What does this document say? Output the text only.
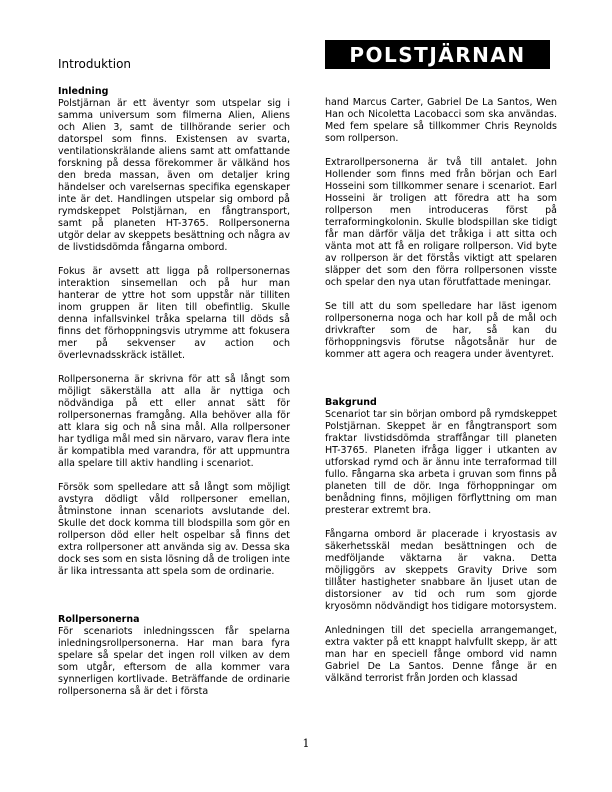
Introduktion	POLSTJÄRNAN
Inledning

Polstjärnan är ett äventyr som utspelar sig i samma universum som filmerna Alien, Aliens och Alien 3, samt de tillhörande serier och datorspel som finns. Existensen av svarta, ventilationskrälande aliens samt att omfattande forskning på dessa förekommer är välkänd hos den breda massan, även om detaljer kring händelser och varelsernas specifika egenskaper inte är det. Handlingen utspelar sig ombord på rymdskeppet Polstjärnan, en fångtransport, samt på planeten HT-3765. Rollpersonerna utgör delar av skeppets besättning och några av de livstidsdömda fångarna ombord.

Fokus är avsett att ligga på rollpersonernas interaktion sinsemellan och på hur man hanterar de yttre hot som uppstår när tilliten inom gruppen är liten till obefintlig. Skulle denna infallsvinkel tråka spelarna till döds så finns det förhoppningsvis utrymme att fokusera mer på sekvenser av action och överlevnadsskräck istället.

Rollpersonerna är skrivna för att så långt som möjligt säkerställa att alla är nyttiga och nödvändiga på ett eller annat sätt för rollpersonernas framgång. Alla behöver alla för att klara sig och nå sina mål. Alla rollpersoner har tydliga mål med sin närvaro, varav flera inte är kompatibla med varandra, för att uppmuntra alla spelare till aktiv handling i scenariot.

Försök som spelledare att så långt som möjligt avstyra dödligt våld rollpersoner emellan, åtminstone innan scenariots avslutande del. Skulle det dock komma till blodspilla som gör en rollperson död eller helt ospelbar så finns det extra rollpersoner att använda sig av. Dessa ska dock ses som en sista lösning då de troligen inte är lika intressanta att spela som de ordinarie.

Rollpersonerna

För scenariots inledningsscen får spelarna inledningsrollpersonerna. Har man bara fyra spelare så spelar det ingen roll vilken av dem som utgår, eftersom de alla kommer vara synnerligen kortlivade. Beträffande de ordinarie rollpersonerna så är det i första

hand Marcus Carter, Gabriel De La Santos, Wen Han och Nicoletta Lacobacci som ska användas. Med fem spelare så tillkommer Chris Reynolds som rollperson.

Extrarollpersonerna är två till antalet. John Hollender som finns med från början och Earl Hosseini som tillkommer senare i scenariot. Earl Hosseini är troligen att föredra att ha som rollperson men introduceras först på terraformingkolonin. Skulle blodspillan ske tidigt får man därför välja det tråkiga i att sitta och vänta mot att få en roligare rollperson. Vid byte av rollperson är det förstås viktigt att spelaren släpper det som den förra rollpersonen visste och spelar den nya utan förutfattade meningar.

Se till att du som spelledare har läst igenom rollpersonerna noga och har koll på de mål och drivkrafter som de har, så kan du förhoppningsvis förutse någotsånär hur de kommer att agera och reagera under äventyret.

Bakgrund

Scenariot tar sin början ombord på rymdskeppet Polstjärnan. Skeppet är en fångtransport som fraktar livstidsdömda straffångar till planeten HT-3765. Planeten ifråga ligger i utkanten av utforskad rymd och är ännu inte terraformad till fullo. Fångarna ska arbeta i gruvan som finns på planeten till de dör. Inga förhoppningar om benådning finns, möjligen förflyttning om man presterar extremt bra.

Fångarna ombord är placerade i kryostasis av säkerhetsskäl medan besättningen och de medföljande väktarna är vakna. Detta möjliggörs av skeppets Gravity Drive som tillåter hastigheter snabbare än ljuset utan de distorsioner av tid och rum som gjorde kryosömn nödvändigt hos tidigare motorsystem.

Anledningen till det speciella arrangemanget, extra vakter på ett knappt halvfullt skepp, är att man har en speciell fånge ombord vid namn Gabriel De La Santos. Denne fånge är en välkänd terrorist från Jorden och klassad

1
